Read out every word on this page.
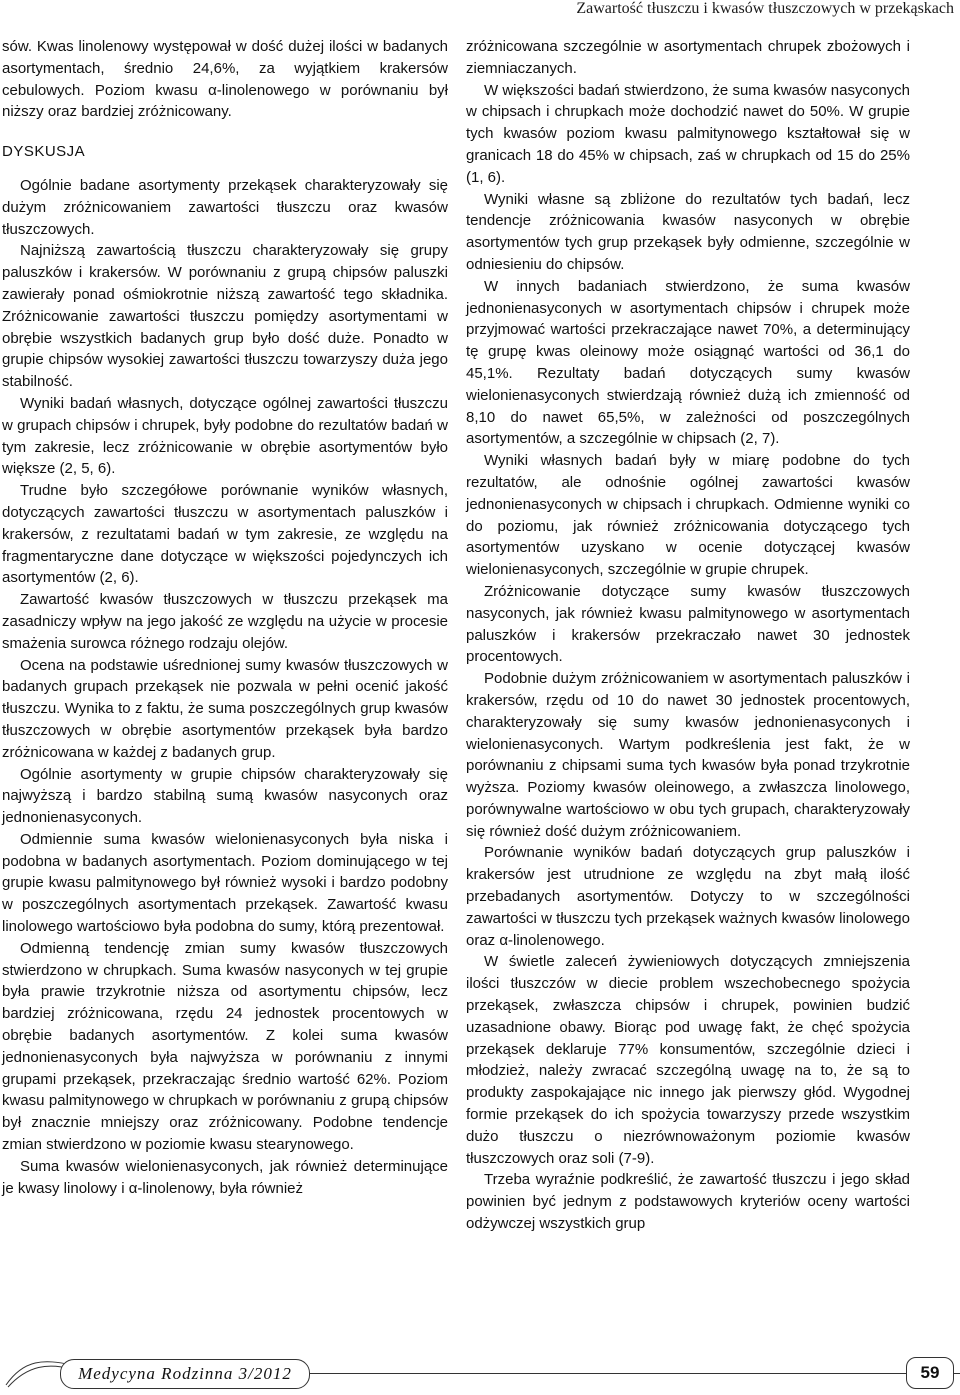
Zawartość tłuszczu i kwasów tłuszczowych w przekąskach

sów. Kwas linolenowy występował w dość dużej ilości w badanych asortymentach, średnio 24,6%, za wyjątkiem krakersów cebulowych. Poziom kwasu α-linolenowego w porównaniu był niższy oraz bardziej zróżnicowany.

DYSKUSJA

Ogólnie badane asortymenty przekąsek charakteryzowały się dużym zróżnicowaniem zawartości tłuszczu oraz kwasów tłuszczowych.

Najniższą zawartością tłuszczu charakteryzowały się grupy paluszków i krakersów. W porównaniu z grupą chipsów paluszki zawierały ponad ośmiokrotnie niższą zawartość tego składnika. Zróżnicowanie zawartości tłuszczu pomiędzy asortymentami w obrębie wszystkich badanych grup było dość duże. Ponadto w grupie chipsów wysokiej zawartości tłuszczu towarzyszy duża jego stabilność.

Wyniki badań własnych, dotyczące ogólnej zawartości tłuszczu w grupach chipsów i chrupek, były podobne do rezultatów badań w tym zakresie, lecz zróżnicowanie w obrębie asortymentów było większe (2, 5, 6).

Trudne było szczegółowe porównanie wyników własnych, dotyczących zawartości tłuszczu w asortymentach paluszków i krakersów, z rezultatami badań w tym zakresie, ze względu na fragmentaryczne dane dotyczące w większości pojedynczych ich asortymentów (2, 6).

Zawartość kwasów tłuszczowych w tłuszczu przekąsek ma zasadniczy wpływ na jego jakość ze względu na użycie w procesie smażenia surowca różnego rodzaju olejów.

Ocena na podstawie uśrednionej sumy kwasów tłuszczowych w badanych grupach przekąsek nie pozwala w pełni ocenić jakość tłuszczu. Wynika to z faktu, że suma poszczególnych grup kwasów tłuszczowych w obrębie asortymentów przekąsek była bardzo zróżnicowana w każdej z badanych grup.

Ogólnie asortymenty w grupie chipsów charakteryzowały się najwyższą i bardzo stabilną sumą kwasów nasyconych oraz jednonienasyconych.

Odmiennie suma kwasów wielonienasyconych była niska i podobna w badanych asortymentach. Poziom dominującego w tej grupie kwasu palmitynowego był również wysoki i bardzo podobny w poszczególnych asortymentach przekąsek. Zawartość kwasu linolowego wartościowo była podobna do sumy, którą prezentował.

Odmienną tendencję zmian sumy kwasów tłuszczowych stwierdzono w chrupkach. Suma kwasów nasyconych w tej grupie była prawie trzykrotnie niższa od asortymentu chipsów, lecz bardziej zróżnicowana, rzędu 24 jednostek procentowych w obrębie badanych asortymentów. Z kolei suma kwasów jednonienasyconych była najwyższa w porównaniu z innymi grupami przekąsek, przekraczając średnio wartość 62%. Poziom kwasu palmitynowego w chrupkach w porównaniu z grupą chipsów był znacznie mniejszy oraz zróżnicowany. Podobne tendencje zmian stwierdzono w poziomie kwasu stearynowego.

Suma kwasów wielonienasyconych, jak również determinujące je kwasy linolowy i α-linolenowy, była również

zróżnicowana szczególnie w asortymentach chrupek zbożowych i ziemniaczanych.

W większości badań stwierdzono, że suma kwasów nasyconych w chipsach i chrupkach może dochodzić nawet do 50%. W grupie tych kwasów poziom kwasu palmitynowego kształtował się w granicach 18 do 45% w chipsach, zaś w chrupkach od 15 do 25% (1, 6).

Wyniki własne są zbliżone do rezultatów tych badań, lecz tendencje zróżnicowania kwasów nasyconych w obrębie asortymentów tych grup przekąsek były odmienne, szczególnie w odniesieniu do chipsów.

W innych badaniach stwierdzono, że suma kwasów jednonienasyconych w asortymentach chipsów i chrupek może przyjmować wartości przekraczające nawet 70%, a determinujący tę grupę kwas oleinowy może osiągnąć wartości od 36,1 do 45,1%. Rezultaty badań dotyczących sumy kwasów wielonienasyconych stwierdzają również dużą ich zmienność od 8,10 do nawet 65,5%, w zależności od poszczególnych asortymentów, a szczególnie w chipsach (2, 7).

Wyniki własnych badań były w miarę podobne do tych rezultatów, ale odnośnie ogólnej zawartości kwasów jednonienasyconych w chipsach i chrupkach. Odmienne wyniki co do poziomu, jak również zróżnicowania dotyczącego tych asortymentów uzyskano w ocenie dotyczącej kwasów wielonienasyconych, szczególnie w grupie chrupek.

Zróżnicowanie dotyczące sumy kwasów tłuszczowych nasyconych, jak również kwasu palmitynowego w asortymentach paluszków i krakersów przekraczało nawet 30 jednostek procentowych.

Podobnie dużym zróżnicowaniem w asortymentach paluszków i krakersów, rzędu od 10 do nawet 30 jednostek procentowych, charakteryzowały się sumy kwasów jednonienasyconych i wielonienasyconych. Wartym podkreślenia jest fakt, że w porównaniu z chipsami suma tych kwasów była ponad trzykrotnie wyższa. Poziomy kwasów oleinowego, a zwłaszcza linolowego, porównywalne wartościowo w obu tych grupach, charakteryzowały się również dość dużym zróżnicowaniem.

Porównanie wyników badań dotyczących grup paluszków i krakersów jest utrudnione ze względu na zbyt małą ilość przebadanych asortymentów. Dotyczy to w szczególności zawartości w tłuszczu tych przekąsek ważnych kwasów linolowego oraz α-linolenowego.

W świetle zaleceń żywieniowych dotyczących zmniejszenia ilości tłuszczów w diecie problem wszechobecnego spożycia przekąsek, zwłaszcza chipsów i chrupek, powinien budzić uzasadnione obawy. Biorąc pod uwagę fakt, że chęć spożycia przekąsek deklaruje 77% konsumentów, szczególnie dzieci i młodzież, należy zwracać szczególną uwagę na to, że są to produkty zaspokajające nic innego jak pierwszy głód. Wygodnej formie przekąsek do ich spożycia towarzyszy przede wszystkim dużo tłuszczu o niezrównoważonym poziomie kwasów tłuszczowych oraz soli (7-9).

Trzeba wyraźnie podkreślić, że zawartość tłuszczu i jego skład powinien być jednym z podstawowych kryteriów oceny wartości odżywczej wszystkich grup

Medycyna Rodzinna 3/2012	59
